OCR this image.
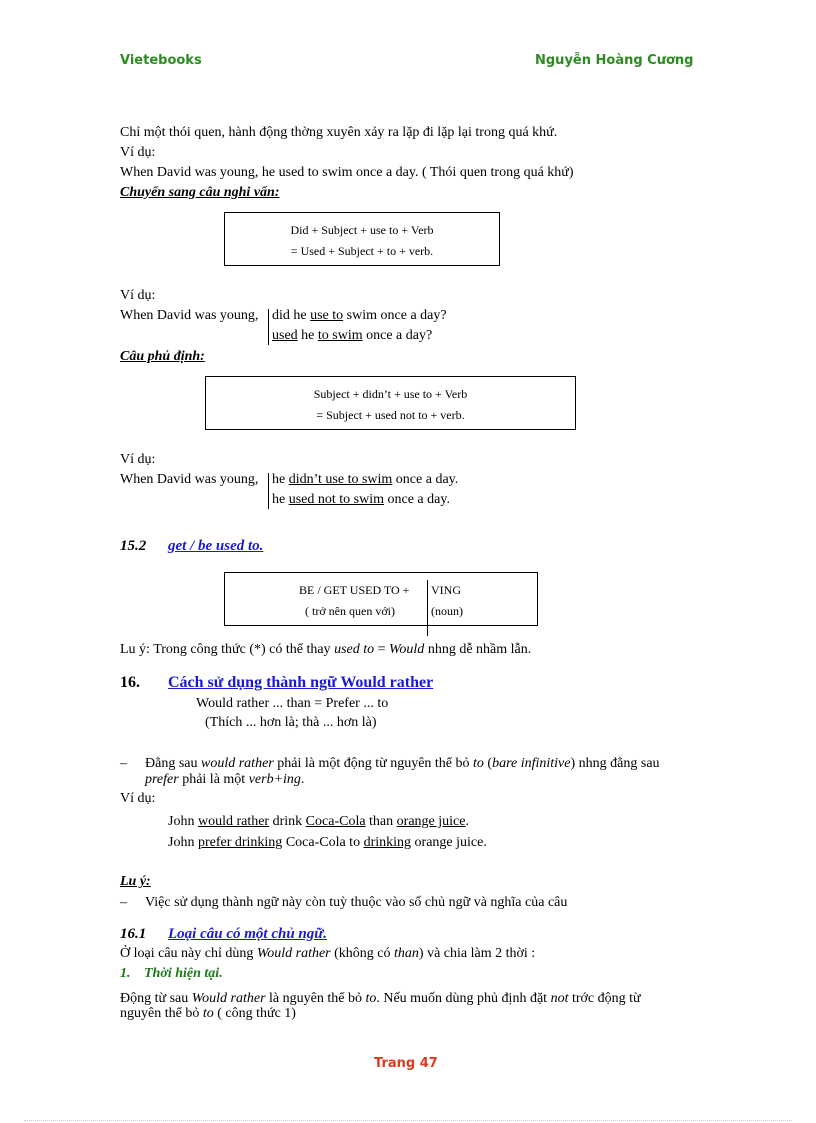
Vietebooks	Nguyễn Hoàng Cương
Chỉ một thói quen, hành động thờng xuyên xảy ra lặp đi lặp lại trong quá khứ.
Ví dụ:
When David was young, he used to swim once a day. ( Thói quen trong quá khứ)
Chuyển sang câu nghi vấn:
Did + Subject + use to + Verb
= Used + Subject + to + verb.
Ví dụ:
When David was young, did he use to swim once a day?
used he to swim once a day?
Câu phủ định:
Subject + didn’t + use to + Verb
= Subject + used not to + verb.
Ví dụ:
When David was young, he didn’t use to swim once a day.
he used not to swim once a day.
15.2 get / be used to.
BE / GET USED TO +
( trở nên quen với)
VING
(noun)
Lu ý: Trong công thức (*) có thể thay used to = Would nhng dễ nhầm lẫn.
16. Cách sử dụng thành ngữ Would rather
Would rather ... than = Prefer ... to
(Thích ... hơn là; thà ... hơn là)
– Đằng sau would rather phải là một động từ nguyên thể bỏ to (bare infinitive) nhng đằng sau
prefer phải là một verb+ing.
Ví dụ:
John would rather drink Coca-Cola than orange juice.
John prefer drinking Coca-Cola to drinking orange juice.
Lu ý:
– Việc sử dụng thành ngữ này còn tuỳ thuộc vào số chủ ngữ và nghĩa của câu
16.1 Loại câu có một chủ ngữ.
Ở loại câu này chỉ dùng Would rather (không có than) và chia làm 2 thời :
1. Thời hiện tại.
Động từ sau Would rather là nguyên thể bỏ to. Nếu muốn dùng phủ định đặt not trớc động từ
nguyên thể bỏ to ( công thức 1)
Trang 47
